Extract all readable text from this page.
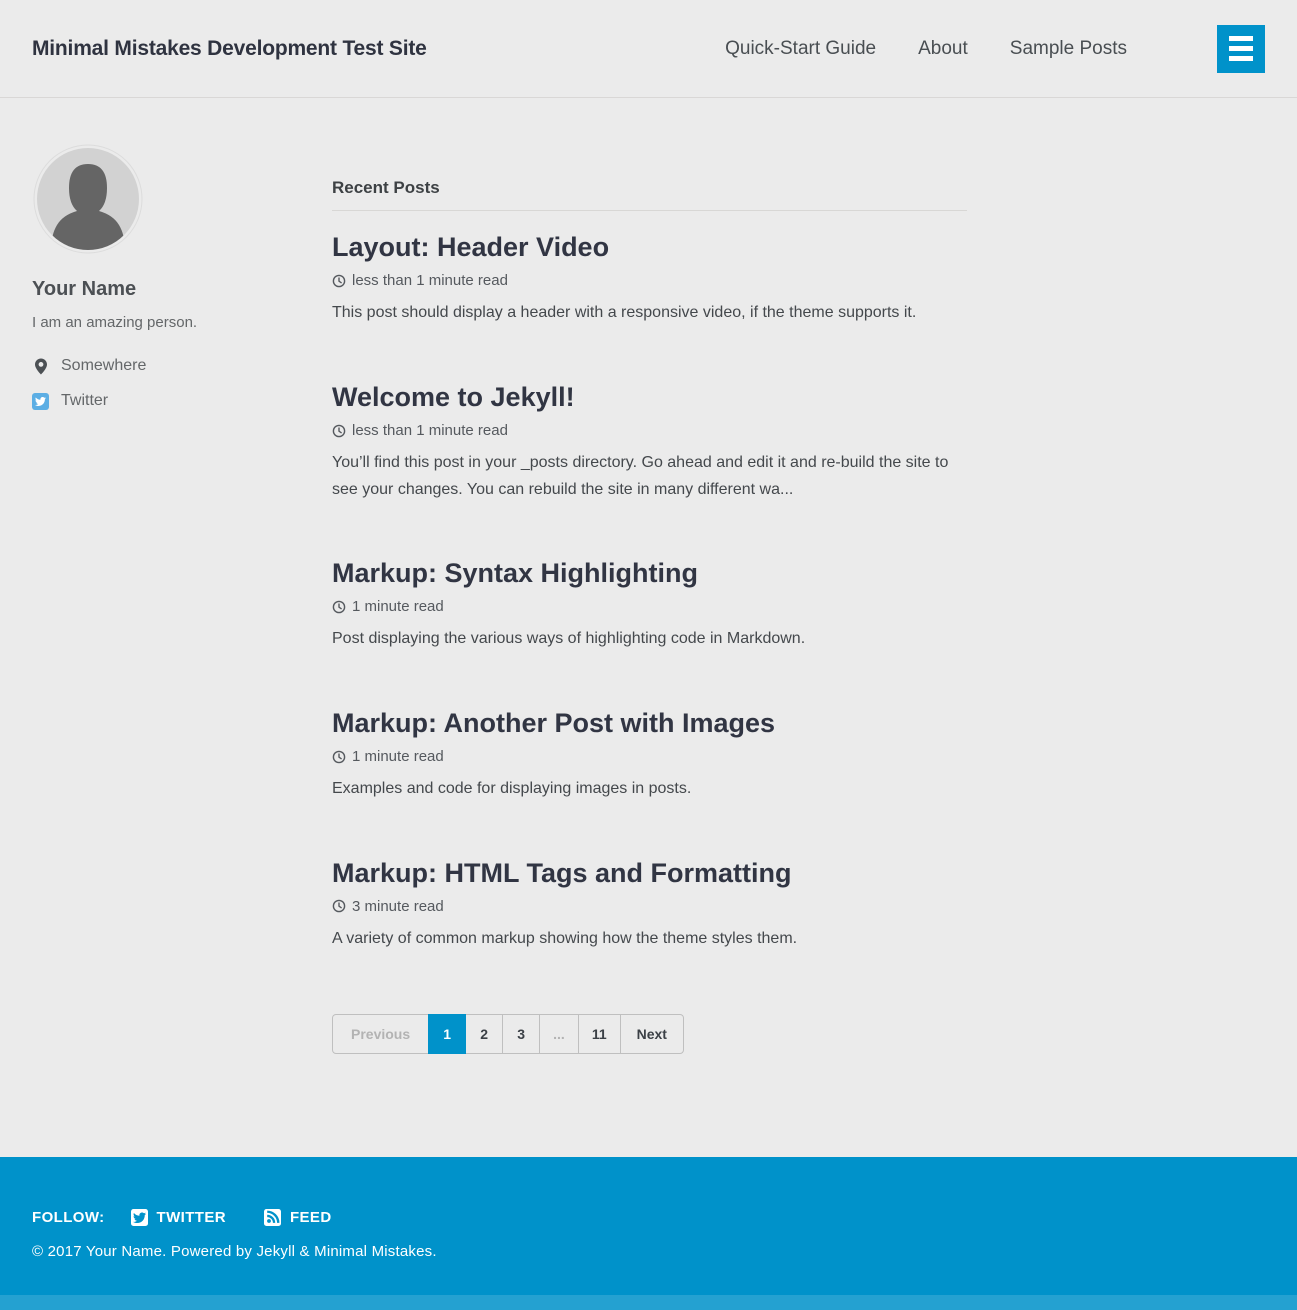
Minimal Mistakes Development Test Site	Quick-Start Guide About Sample Posts
Your Name

I am an amazing person.

Somewhere
Twitter
Recent Posts
Layout: Header Video

less than 1 minute read

This post should display a header with a responsive video, if the theme supports it.

Welcome to Jekyll!

less than 1 minute read

You’ll find this post in your _posts directory. Go ahead and edit it and re-build the site to see your changes. You can rebuild the site in many different wa...

Markup: Syntax Highlighting

1 minute read

Post displaying the various ways of highlighting code in Markdown.

Markup: Another Post with Images

1 minute read

Examples and code for displaying images in posts.

Markup: HTML Tags and Formatting

3 minute read

A variety of common markup showing how the theme styles them.

Previous	1	2	3	...	11	Next
FOLLOW:	TWITTER	FEED
© 2017 Your Name. Powered by Jekyll & Minimal Mistakes.
